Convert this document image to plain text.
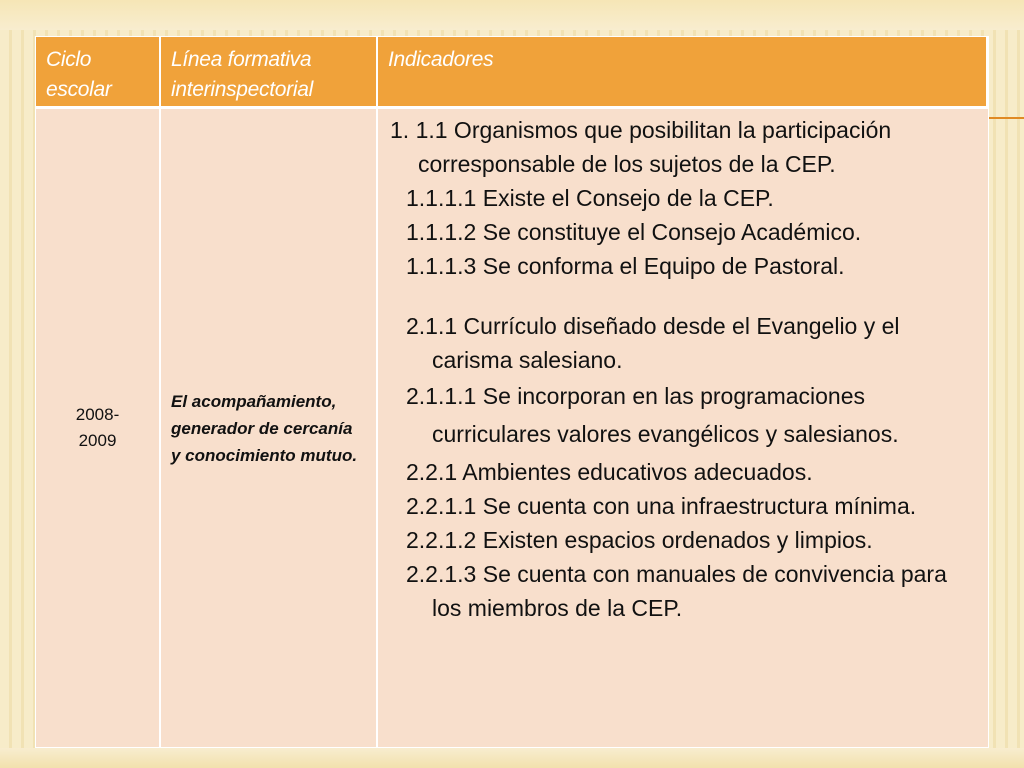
Ciclo escolar
Línea formativa interinspectorial
Indicadores
2008-2009
El acompañamiento, generador de cercanía y conocimiento mutuo.

1. 1.1 Organismos que posibilitan la participación corresponsable de los sujetos de la CEP.

1.1.1.1 Existe el Consejo de la CEP.

1.1.1.2 Se constituye el Consejo Académico.

1.1.1.3 Se conforma el Equipo de Pastoral.

2.1.1 Currículo diseñado desde el Evangelio y el carisma salesiano.

2.1.1.1 Se incorporan en las programaciones curriculares valores evangélicos y salesianos.

2.2.1 Ambientes educativos adecuados.

2.2.1.1 Se cuenta con una infraestructura mínima.

2.2.1.2 Existen espacios ordenados y limpios.

2.2.1.3 Se cuenta con manuales de convivencia para los miembros de la CEP.
